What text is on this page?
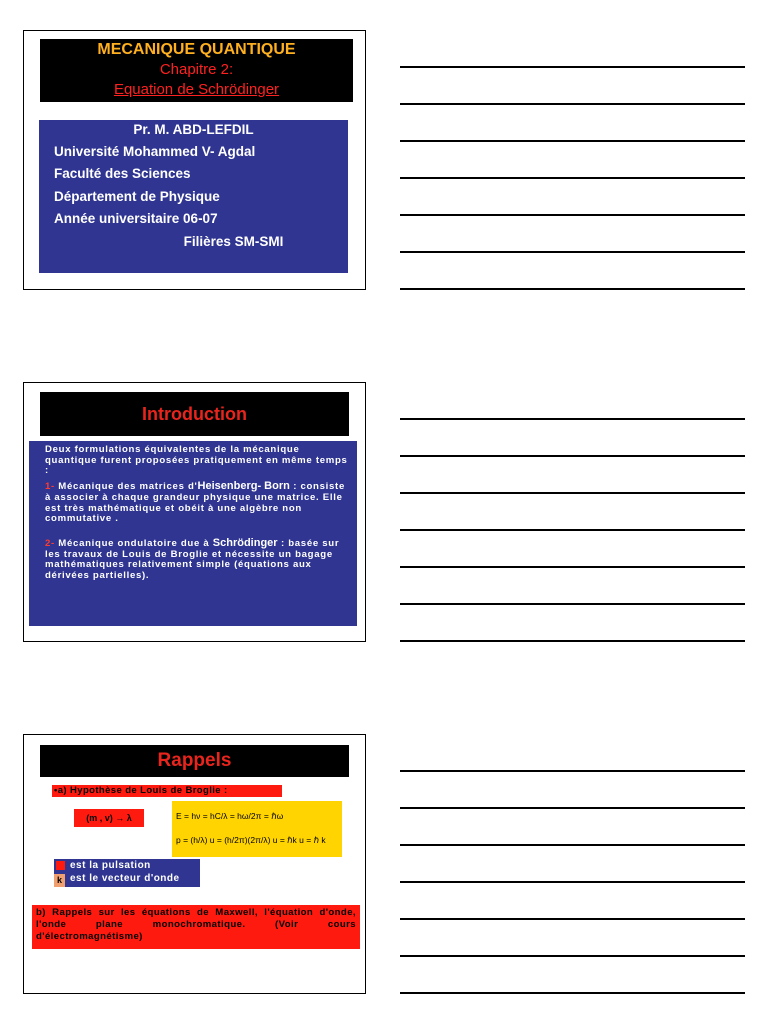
MECANIQUE QUANTIQUE
Chapitre 2:
Equation de Schrödinger
Pr. M. ABD-LEFDIL
Université Mohammed V- Agdal
Faculté des Sciences
Département de Physique
Année universitaire 06-07
Filières SM-SMI
Introduction

Deux formulations équivalentes de la mécanique quantique furent proposées pratiquement en même temps :

1- Mécanique des matrices d'Heisenberg- Born : consiste à associer à chaque grandeur physique une matrice. Elle est très mathématique et obéit à une algèbre non commutative .

2- Mécanique ondulatoire due à Schrödinger : basée sur les travaux de Louis de Broglie et nécessite un bagage mathématiques relativement simple (équations aux dérivées partielles).

Rappels
•a) Hypothèse de Louis de Broglie :
(m , v) → λ	E = hν = hC/λ = hω/2π = ℏω
p = (h/λ) u = (h/2π)(2π/λ) u = ℏk u = ℏ k
k
est la pulsation
est le vecteur d'onde
b) Rappels sur les équations de Maxwell, l'équation d'onde, l'onde plane monochromatique. (Voir cours d'électromagnétisme)
